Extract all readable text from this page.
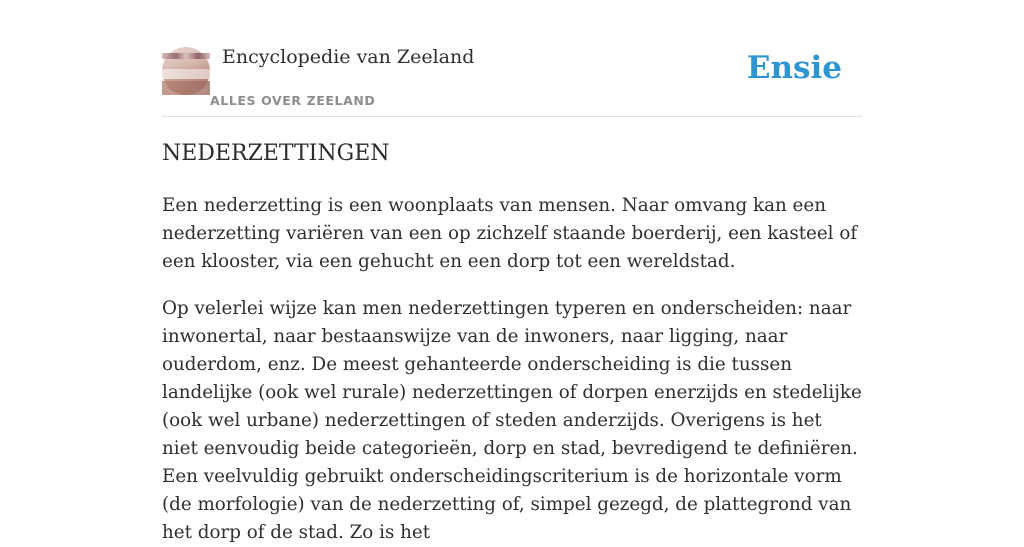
Encyclopedie van Zeeland
ALLES OVER ZEELAND
Ensie
NEDERZETTINGEN

Een nederzetting is een woonplaats van mensen. Naar omvang kan een nederzetting variëren van een op zichzelf staande boerderij, een kasteel of een klooster, via een gehucht en een dorp tot een wereldstad.

Op velerlei wijze kan men nederzettingen typeren en onderscheiden: naar inwonertal, naar bestaanswijze van de inwoners, naar ligging, naar ouderdom, enz. De meest gehanteerde onderscheiding is die tussen landelijke (ook wel rurale) nederzettingen of dorpen enerzijds en stedelijke (ook wel urbane) nederzettingen of steden anderzijds. Overigens is het niet eenvoudig beide categorieën, dorp en stad, bevredigend te definiëren. Een veelvuldig gebruikt onderscheidingscriterium is de horizontale vorm (de morfologie) van de nederzetting of, simpel gezegd, de plattegrond van het dorp of de stad. Zo is het
